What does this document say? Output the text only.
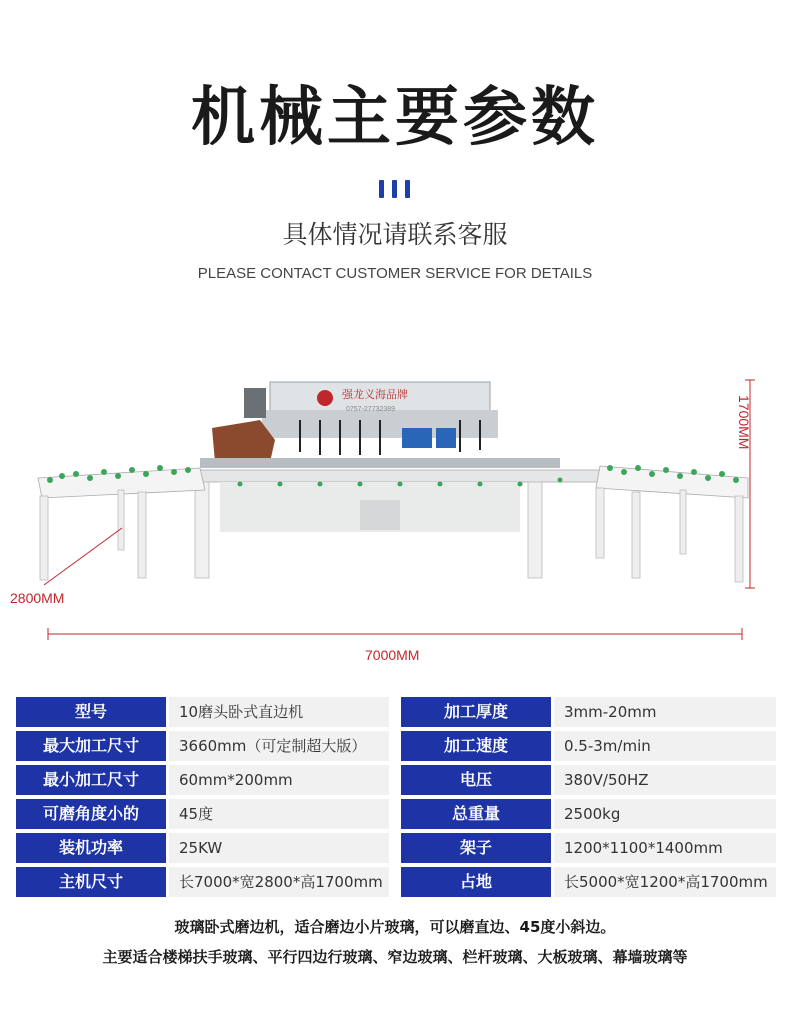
机械主要参数
具体情况请联系客服
PLEASE CONTACT CUSTOMER SERVICE FOR DETAILS
强龙义海品牌
0757-27732389	1700MM
2800MM
7000MM
型号	10磨头卧式直边机	加工厚度	3mm-20mm
最大加工尺寸	3660mm（可定制超大版）	加工速度	0.5-3m/min
最小加工尺寸	60mm*200mm	电压	380V/50HZ
可磨角度小的	45度	总重量	2500kg
装机功率	25KW	架子	1200*1100*1400mm
主机尺寸	长7000*宽2800*高1700mm	占地	长5000*宽1200*高1700mm
玻璃卧式磨边机，适合磨边小片玻璃，可以磨直边、45度小斜边。
主要适合楼梯扶手玻璃、平行四边行玻璃、窄边玻璃、栏杆玻璃、大板玻璃、幕墙玻璃等
